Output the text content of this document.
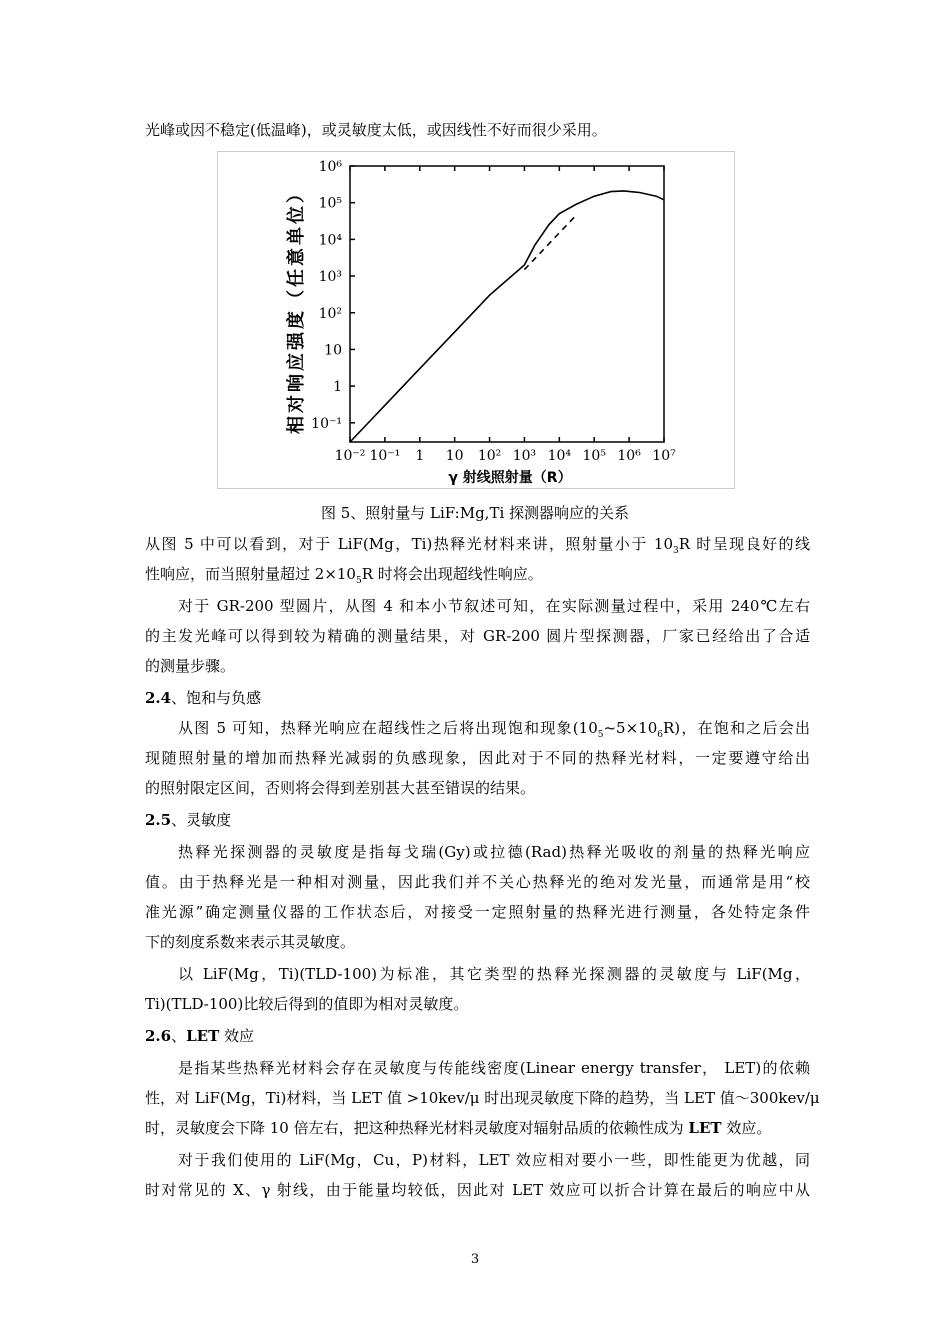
光峰或因不稳定(低温峰)，或灵敏度太低，或因线性不好而很少采用。
10⁻¹
1
10
10²
10³
10⁴
10⁵
10⁶
10⁻² 10⁻¹ 1 10 10² 10³ 10⁴ 10⁵ 10⁶ 10⁷
相对响应强度（任意单位）
γ 射线照射量（R）
图 5、照射量与 LiF:Mg,Ti 探测器响应的关系
从图 5 中可以看到，对于 LiF(Mg，Ti)热释光材料来讲，照射量小于 $10_3R$ 时呈现良好的线
性响应，而当照射量超过 $2\times 10_5R$ 时将会出现超线性响应。
对于 GR-200 型圆片，从图 4 和本小节叙述可知，在实际测量过程中，采用 240℃左右
的主发光峰可以得到较为精确的测量结果，对 GR-200 圆片型探测器，厂家已经给出了合适
的测量步骤。
2.4、饱和与负感
从图 5 可知，热释光响应在超线性之后将出现饱和现象$(10_5\sim 5\times 10_6R)$，在饱和之后会出
现随照射量的增加而热释光减弱的负感现象，因此对于不同的热释光材料，一定要遵守给出
的照射限定区间，否则将会得到差别甚大甚至错误的结果。
2.5、灵敏度
热释光探测器的灵敏度是指每戈瑞(Gy)或拉德(Rad)热释光吸收的剂量的热释光响应
值。由于热释光是一种相对测量，因此我们并不关心热释光的绝对发光量，而通常是用“校
准光源”确定测量仪器的工作状态后，对接受一定照射量的热释光进行测量，各处特定条件
下的刻度系数来表示其灵敏度。
以 LiF(Mg，Ti)(TLD-100)为标准，其它类型的热释光探测器的灵敏度与 LiF(Mg，
Ti)(TLD-100)比较后得到的值即为相对灵敏度。
2.6、LET 效应
是指某些热释光材料会存在灵敏度与传能线密度(Linear energy transfer， LET)的依赖
性，对 LiF(Mg，Ti)材料，当 LET 值 >10kev/μ 时出现灵敏度下降的趋势，当 LET 值～300kev/μ
时，灵敏度会下降 10 倍左右，把这种热释光材料灵敏度对辐射品质的依赖性成为 LET 效应。
对于我们使用的 LiF(Mg，Cu，P)材料，LET 效应相对要小一些，即性能更为优越，同
时对常见的 X、γ 射线，由于能量均较低，因此对 LET 效应可以折合计算在最后的响应中从
3
